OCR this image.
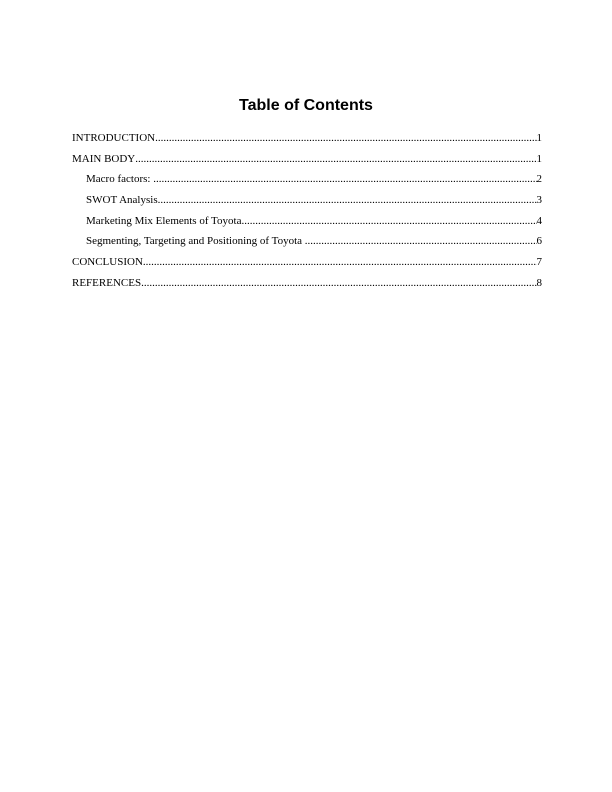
Table of Contents
INTRODUCTION .....	1
MAIN BODY .....	1
Macro factors: .....	2
SWOT Analysis .....	3
Marketing Mix Elements of Toyota .....	4
Segmenting, Targeting and Positioning of Toyota .....	6
CONCLUSION .....	7
REFERENCES .....	8
